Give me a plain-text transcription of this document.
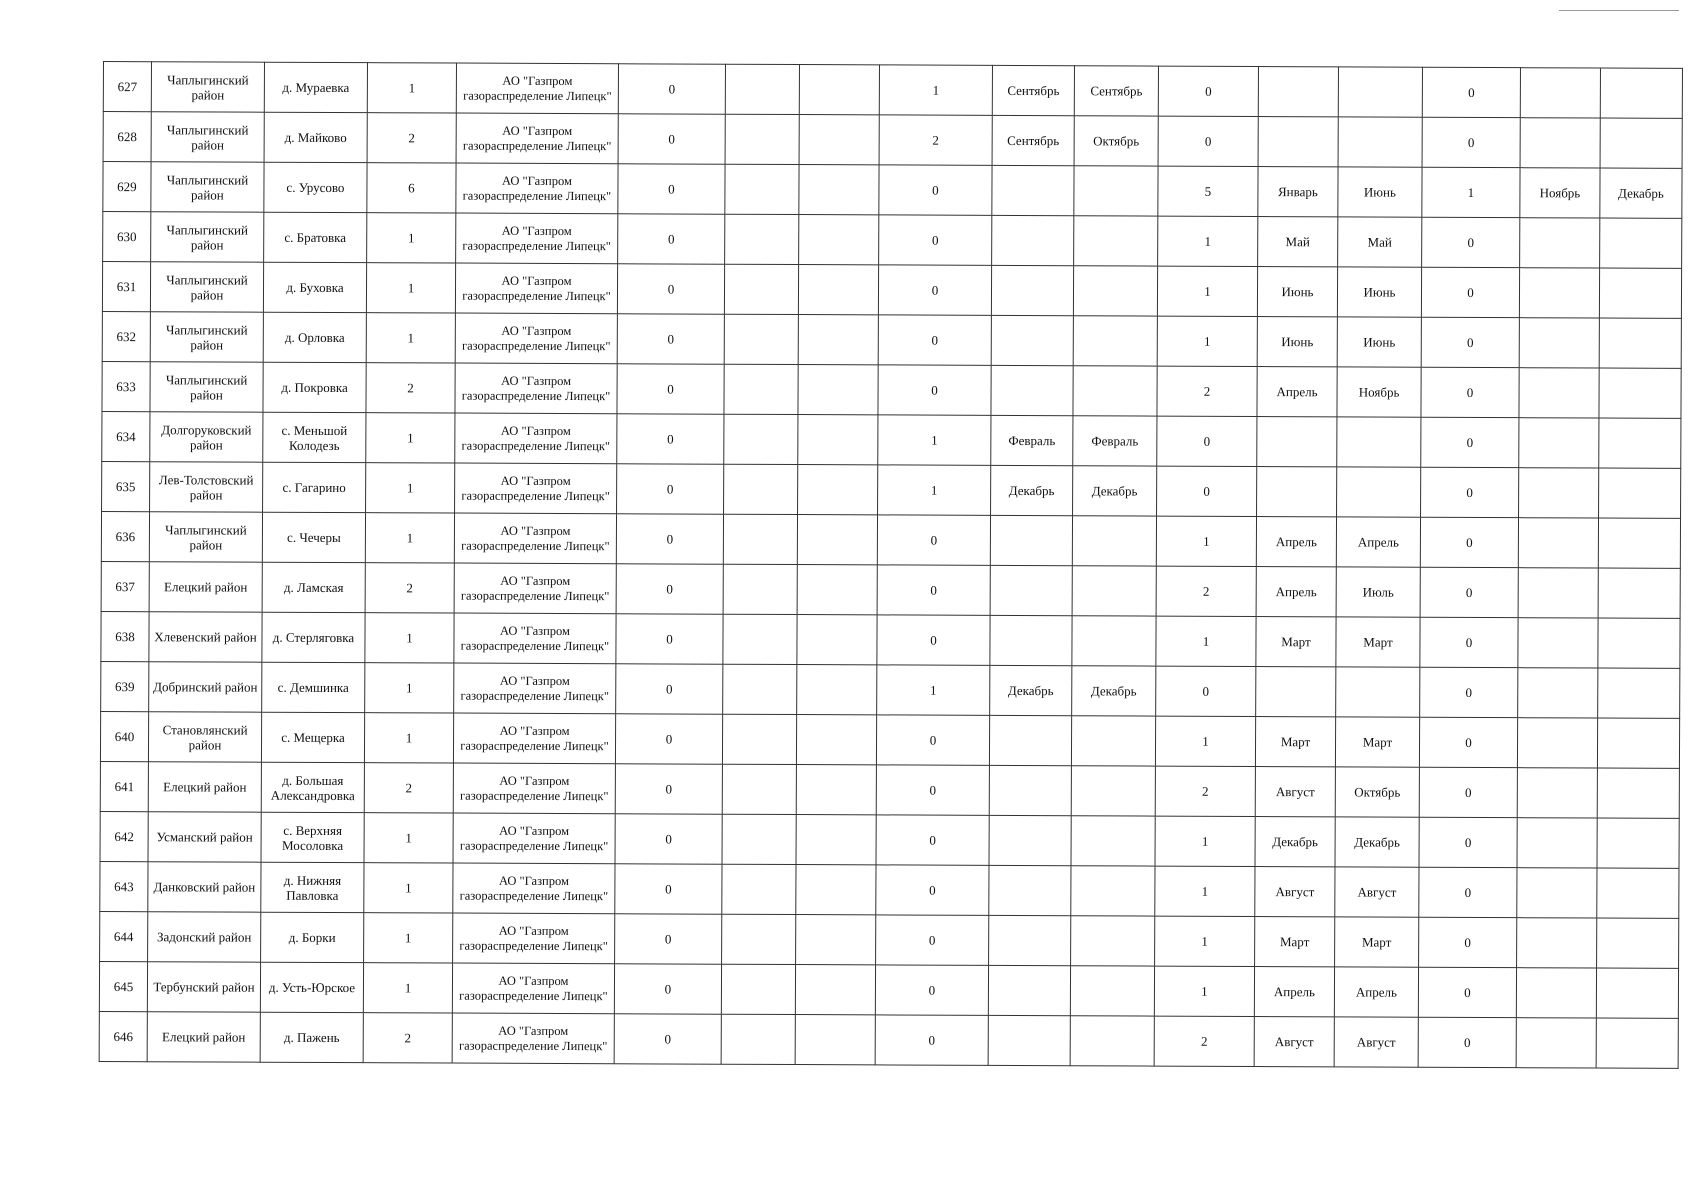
627	Чаплыгинский район	д. Мураевка	1	АО "Газпром газораспределение Липецк"	0			1	Сентябрь	Сентябрь	0			0		
628	Чаплыгинский район	д. Майково	2	АО "Газпром газораспределение Липецк"	0			2	Сентябрь	Октябрь	0			0		
629	Чаплыгинский район	с. Урусово	6	АО "Газпром газораспределение Липецк"	0			0			5	Январь	Июнь	1	Ноябрь	Декабрь
630	Чаплыгинский район	с. Братовка	1	АО "Газпром газораспределение Липецк"	0			0			1	Май	Май	0		
631	Чаплыгинский район	д. Буховка	1	АО "Газпром газораспределение Липецк"	0			0			1	Июнь	Июнь	0		
632	Чаплыгинский район	д. Орловка	1	АО "Газпром газораспределение Липецк"	0			0			1	Июнь	Июнь	0		
633	Чаплыгинский район	д. Покровка	2	АО "Газпром газораспределение Липецк"	0			0			2	Апрель	Ноябрь	0		
634	Долгоруковский район	с. Меньшой Колодезь	1	АО "Газпром газораспределение Липецк"	0			1	Февраль	Февраль	0			0		
635	Лев-Толстовский район	с. Гагарино	1	АО "Газпром газораспределение Липецк"	0			1	Декабрь	Декабрь	0			0		
636	Чаплыгинский район	с. Чечеры	1	АО "Газпром газораспределение Липецк"	0			0			1	Апрель	Апрель	0		
637	Елецкий район	д. Ламская	2	АО "Газпром газораспределение Липецк"	0			0			2	Апрель	Июль	0		
638	Хлевенский район	д. Стерляговка	1	АО "Газпром газораспределение Липецк"	0			0			1	Март	Март	0		
639	Добринский район	с. Демшинка	1	АО "Газпром газораспределение Липецк"	0			1	Декабрь	Декабрь	0			0		
640	Становлянский район	с. Мещерка	1	АО "Газпром газораспределение Липецк"	0			0			1	Март	Март	0		
641	Елецкий район	д. Большая Александровка	2	АО "Газпром газораспределение Липецк"	0			0			2	Август	Октябрь	0		
642	Усманский район	с. Верхняя Мосоловка	1	АО "Газпром газораспределение Липецк"	0			0			1	Декабрь	Декабрь	0		
643	Данковский район	д. Нижняя Павловка	1	АО "Газпром газораспределение Липецк"	0			0			1	Август	Август	0		
644	Задонский район	д. Борки	1	АО "Газпром газораспределение Липецк"	0			0			1	Март	Март	0		
645	Тербунский район	д. Усть-Юрское	1	АО "Газпром газораспределение Липецк"	0			0			1	Апрель	Апрель	0		
646	Елецкий район	д. Пажень	2	АО "Газпром газораспределение Липецк"	0			0			2	Август	Август	0		
